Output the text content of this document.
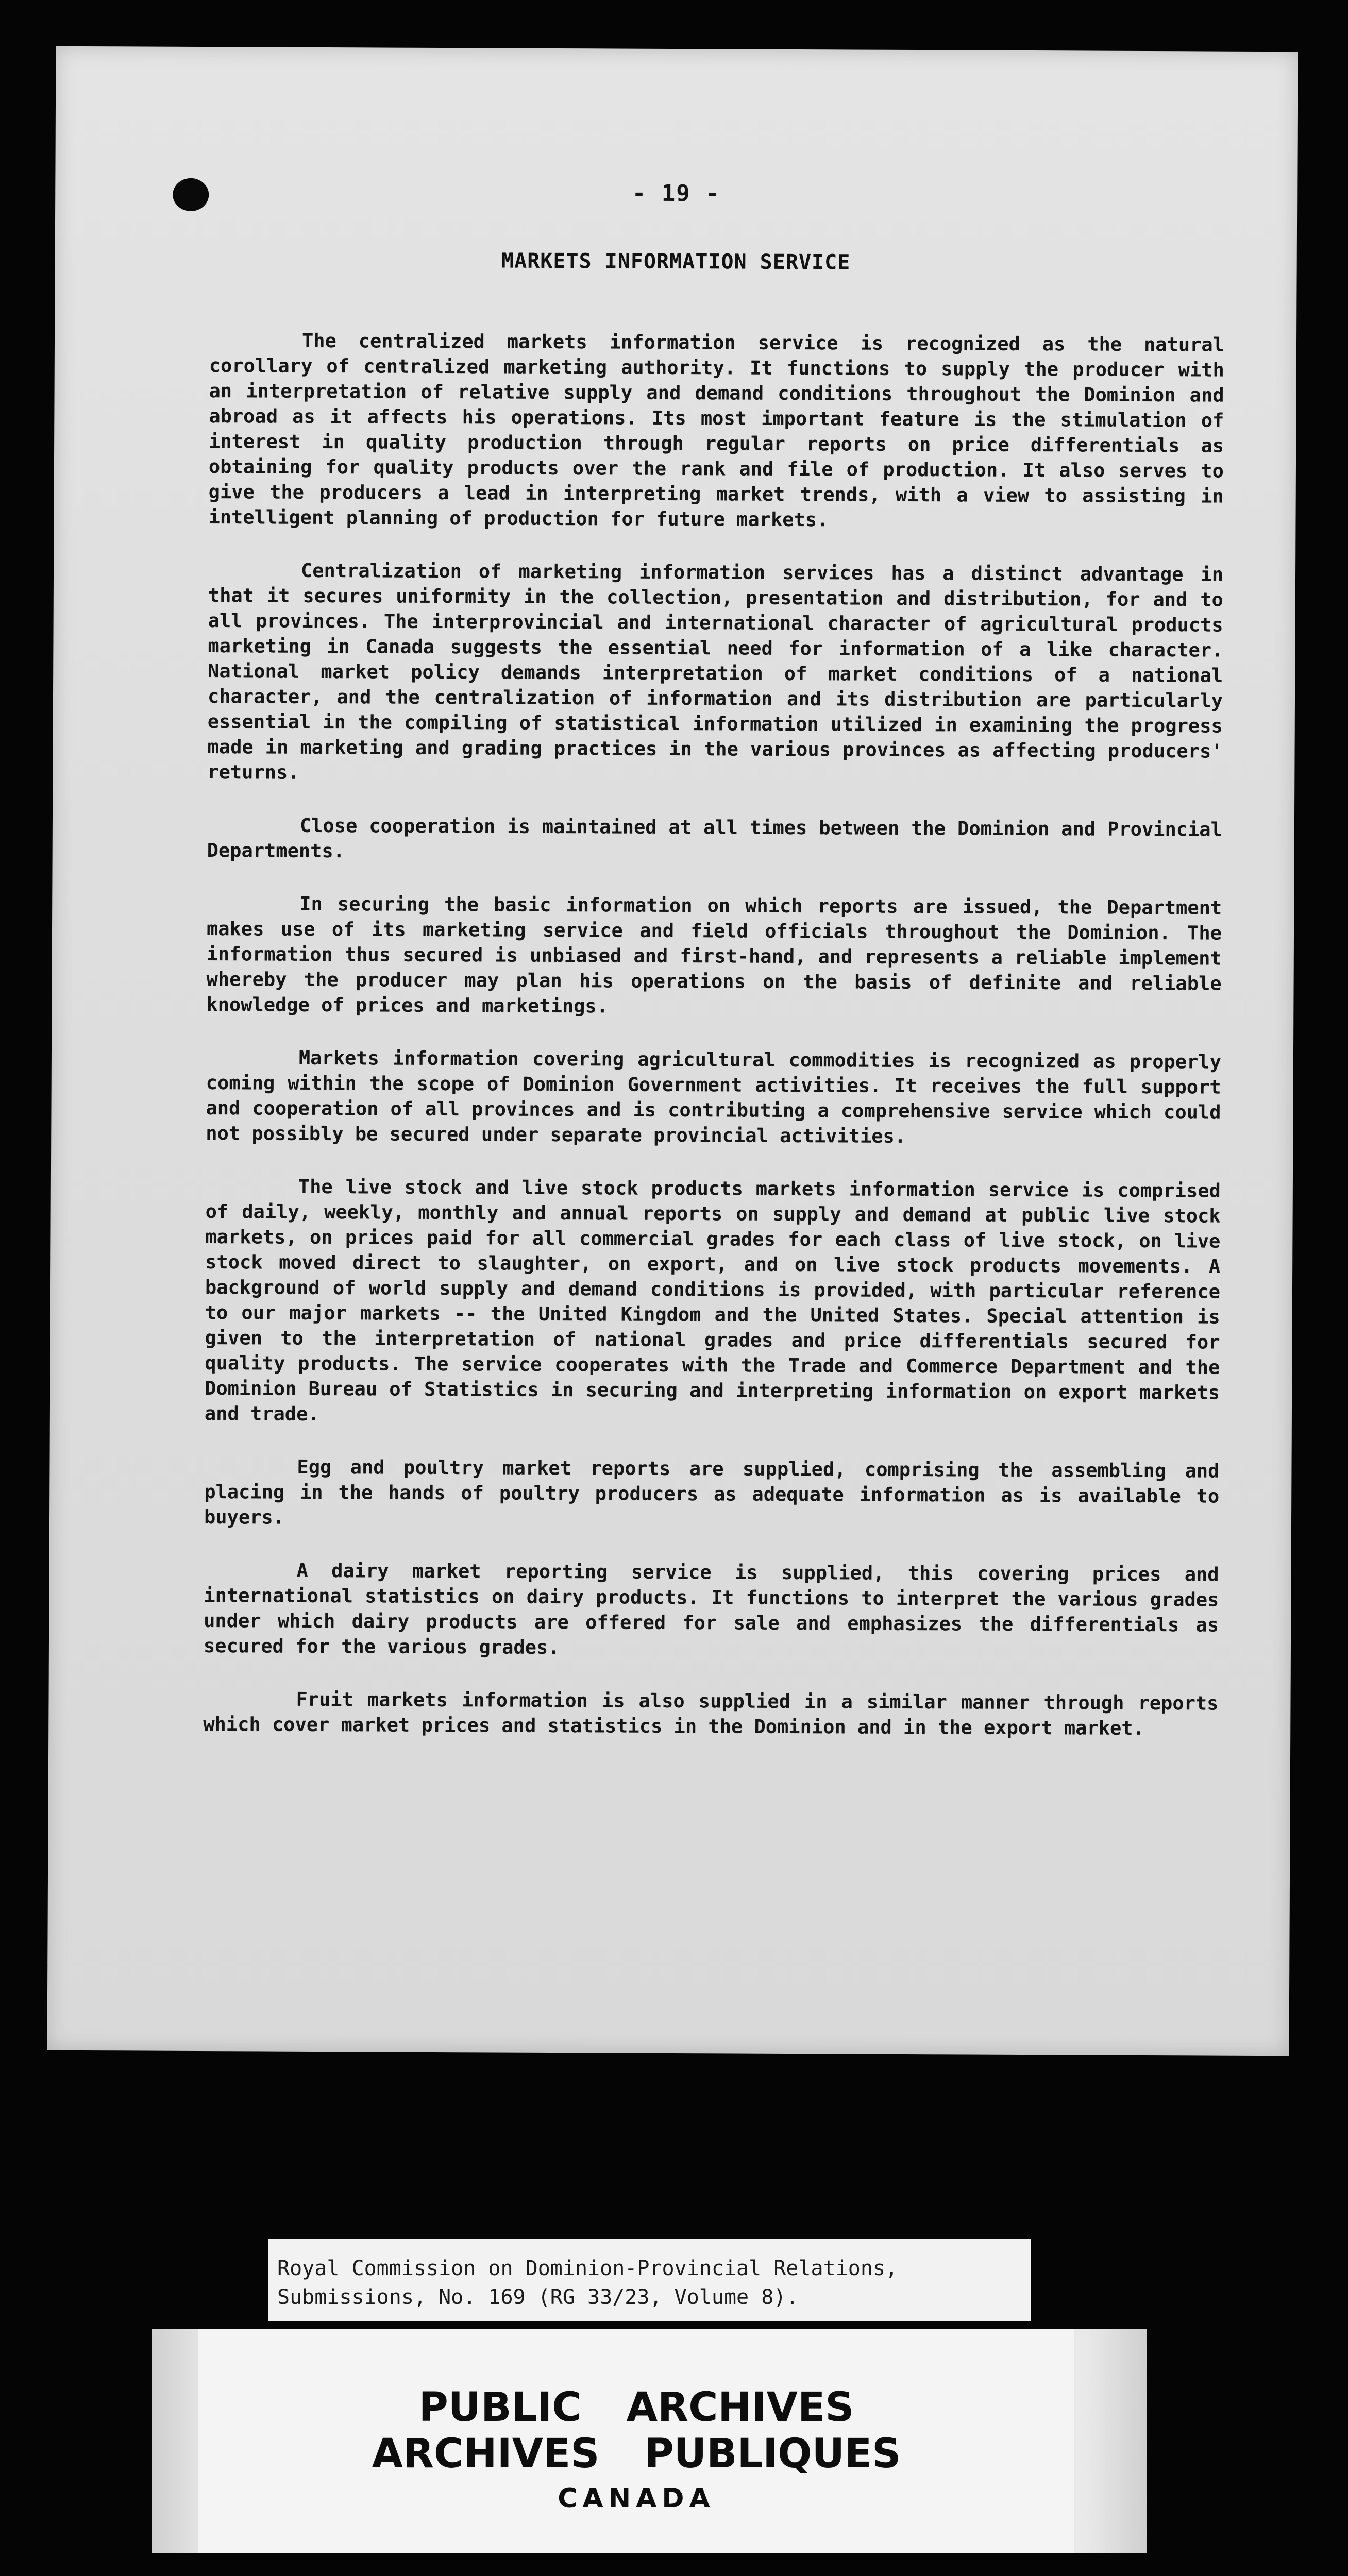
- 19 -
MARKETS INFORMATION SERVICE

The centralized markets information service is recognized as the natural corollary of centralized marketing authority. It functions to supply the producer with an interpretation of relative supply and demand conditions throughout the Dominion and abroad as it affects his operations. Its most important feature is the stimulation of interest in quality production through regular reports on price differentials as obtaining for quality products over the rank and file of production. It also serves to give the producers a lead in interpreting market trends, with a view to assisting in intelligent planning of production for future markets.

Centralization of marketing information services has a distinct advantage in that it secures uniformity in the collection, presentation and distribution, for and to all provinces. The interprovincial and international character of agricultural products marketing in Canada suggests the essential need for information of a like character. National market policy demands interpretation of market conditions of a national character, and the centralization of information and its distribution are particularly essential in the compiling of statistical information utilized in examining the progress made in marketing and grading practices in the various provinces as affecting producers' returns.

Close cooperation is maintained at all times between the Dominion and Provincial Departments.

In securing the basic information on which reports are issued, the Department makes use of its marketing service and field officials throughout the Dominion. The information thus secured is unbiased and first-hand, and represents a reliable implement whereby the producer may plan his operations on the basis of definite and reliable knowledge of prices and marketings.

Markets information covering agricultural commodities is recognized as properly coming within the scope of Dominion Government activities. It receives the full support and cooperation of all provinces and is contributing a comprehensive service which could not possibly be secured under separate provincial activities.

The live stock and live stock products markets information service is comprised of daily, weekly, monthly and annual reports on supply and demand at public live stock markets, on prices paid for all commercial grades for each class of live stock, on live stock moved direct to slaughter, on export, and on live stock products movements. A background of world supply and demand conditions is provided, with particular reference to our major markets -- the United Kingdom and the United States. Special attention is given to the interpretation of national grades and price differentials secured for quality products. The service cooperates with the Trade and Commerce Department and the Dominion Bureau of Statistics in securing and interpreting information on export markets and trade.

Egg and poultry market reports are supplied, comprising the assembling and placing in the hands of poultry producers as adequate information as is available to buyers.

A dairy market reporting service is supplied, this covering prices and international statistics on dairy products. It functions to interpret the various grades under which dairy products are offered for sale and emphasizes the differentials as secured for the various grades.

Fruit markets information is also supplied in a similar manner through reports which cover market prices and statistics in the Dominion and in the export market.

Royal Commission on Dominion-Provincial Relations,
Submissions, No. 169 (RG 33/23, Volume 8).
PUBLIC ARCHIVES
ARCHIVES PUBLIQUES
CANADA
